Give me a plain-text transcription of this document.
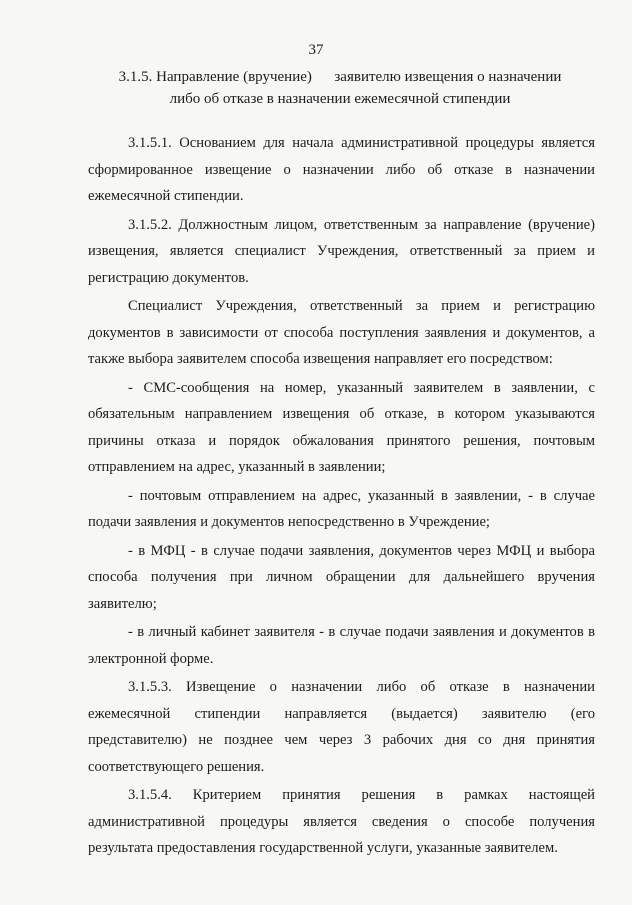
37
3.1.5. Направление (вручение)      заявителю извещения о назначении
либо об отказе в назначении ежемесячной стипендии

3.1.5.1. Основанием для начала административной процедуры является сформированное извещение о назначении либо об отказе в назначении ежемесячной стипендии.

3.1.5.2. Должностным лицом, ответственным за направление (вручение) извещения, является специалист Учреждения, ответственный за прием и регистрацию документов.

Специалист Учреждения, ответственный за прием и регистрацию документов в зависимости от способа поступления заявления и документов, а также выбора заявителем способа извещения направляет его посредством:

- СМС-сообщения на номер, указанный заявителем в заявлении, с обязательным направлением извещения об отказе, в котором указываются причины отказа и порядок обжалования принятого решения, почтовым отправлением на адрес, указанный в заявлении;

- почтовым отправлением на адрес, указанный в заявлении, - в случае подачи заявления и документов непосредственно в Учреждение;

- в МФЦ - в случае подачи заявления, документов через МФЦ и выбора способа получения при личном обращении для дальнейшего вручения заявителю;

- в личный кабинет заявителя - в случае подачи заявления и документов в электронной форме.

3.1.5.3. Извещение о назначении либо об отказе в назначении ежемесячной стипендии направляется (выдается) заявителю (его представителю) не позднее чем через 3 рабочих дня со дня принятия соответствующего решения.

3.1.5.4. Критерием принятия решения в рамках настоящей административной процедуры является сведения о способе получения результата предоставления государственной услуги, указанные заявителем.
